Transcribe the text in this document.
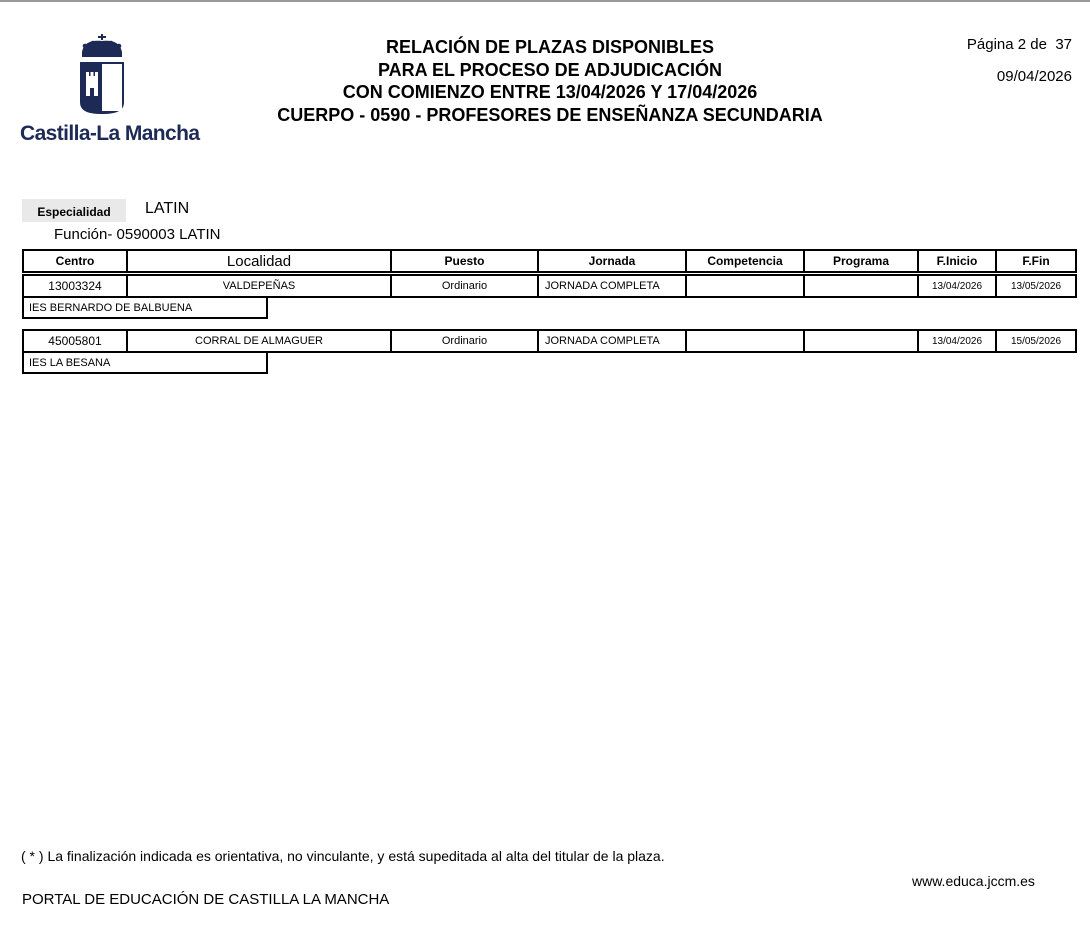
Castilla-La Mancha
RELACIÓN DE PLAZAS DISPONIBLES
PARA EL PROCESO DE ADJUDICACIÓN
CON COMIENZO ENTRE 13/04/2026 Y 17/04/2026
CUERPO - 0590 - PROFESORES DE ENSEÑANZA SECUNDARIA
Página 2 de 37
09/04/2026
Especialidad	LATIN
Función- 0590003 LATIN
Centro	Localidad	Puesto	Jornada	Competencia	Programa	F.Inicio	F.Fin
13003324	VALDEPEÑAS	Ordinario	JORNADA COMPLETA			13/04/2026	13/05/2026
IES BERNARDO DE BALBUENA
45005801	CORRAL DE ALMAGUER	Ordinario	JORNADA COMPLETA			13/04/2026	15/05/2026
IES LA BESANA
( * ) La finalización indicada es orientativa, no vinculante, y está supeditada al alta del titular de la plaza.
www.educa.jccm.es
PORTAL DE EDUCACIÓN DE CASTILLA LA MANCHA
